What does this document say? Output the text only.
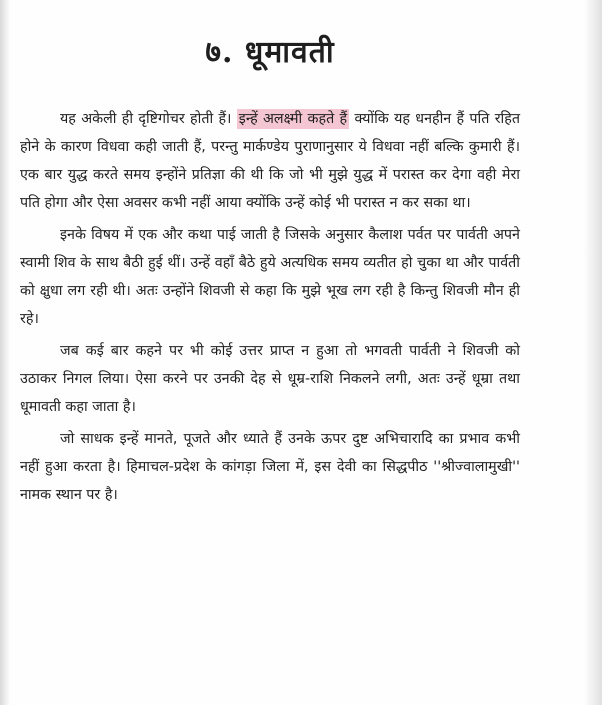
७. धूमावती

यह अकेली ही दृष्टिगोचर होती हैं। इन्हें अलक्ष्मी कहते हैं क्योंकि यह धनहीन हैं पति रहित होने के कारण विधवा कही जाती हैं, परन्तु मार्कण्डेय पुराणानुसार ये विधवा नहीं बल्कि कुमारी हैं। एक बार युद्ध करते समय इन्होंने प्रतिज्ञा की थी कि जो भी मुझे युद्ध में परास्त कर देगा वही मेरा पति होगा और ऐसा अवसर कभी नहीं आया क्योंकि उन्हें कोई भी परास्त न कर सका था।

इनके विषय में एक और कथा पाई जाती है जिसके अनुसार कैलाश पर्वत पर पार्वती अपने स्वामी शिव के साथ बैठी हुई थीं। उन्हें वहाँ बैठे हुये अत्यधिक समय व्यतीत हो चुका था और पार्वती को क्षुधा लग रही थी। अतः उन्होंने शिवजी से कहा कि मुझे भूख लग रही है किन्तु शिवजी मौन ही रहे।

जब कई बार कहने पर भी कोई उत्तर प्राप्त न हुआ तो भगवती पार्वती ने शिवजी को उठाकर निगल लिया। ऐसा करने पर उनकी देह से धूम्र-राशि निकलने लगी, अतः उन्हें धूम्रा तथा धूमावती कहा जाता है।

जो साधक इन्हें मानते, पूजते और ध्याते हैं उनके ऊपर दुष्ट अभिचारादि का प्रभाव कभी नहीं हुआ करता है। हिमाचल-प्रदेश के कांगड़ा जिला में, इस देवी का सिद्धपीठ ''श्रीज्वालामुखी'' नामक स्थान पर है।
